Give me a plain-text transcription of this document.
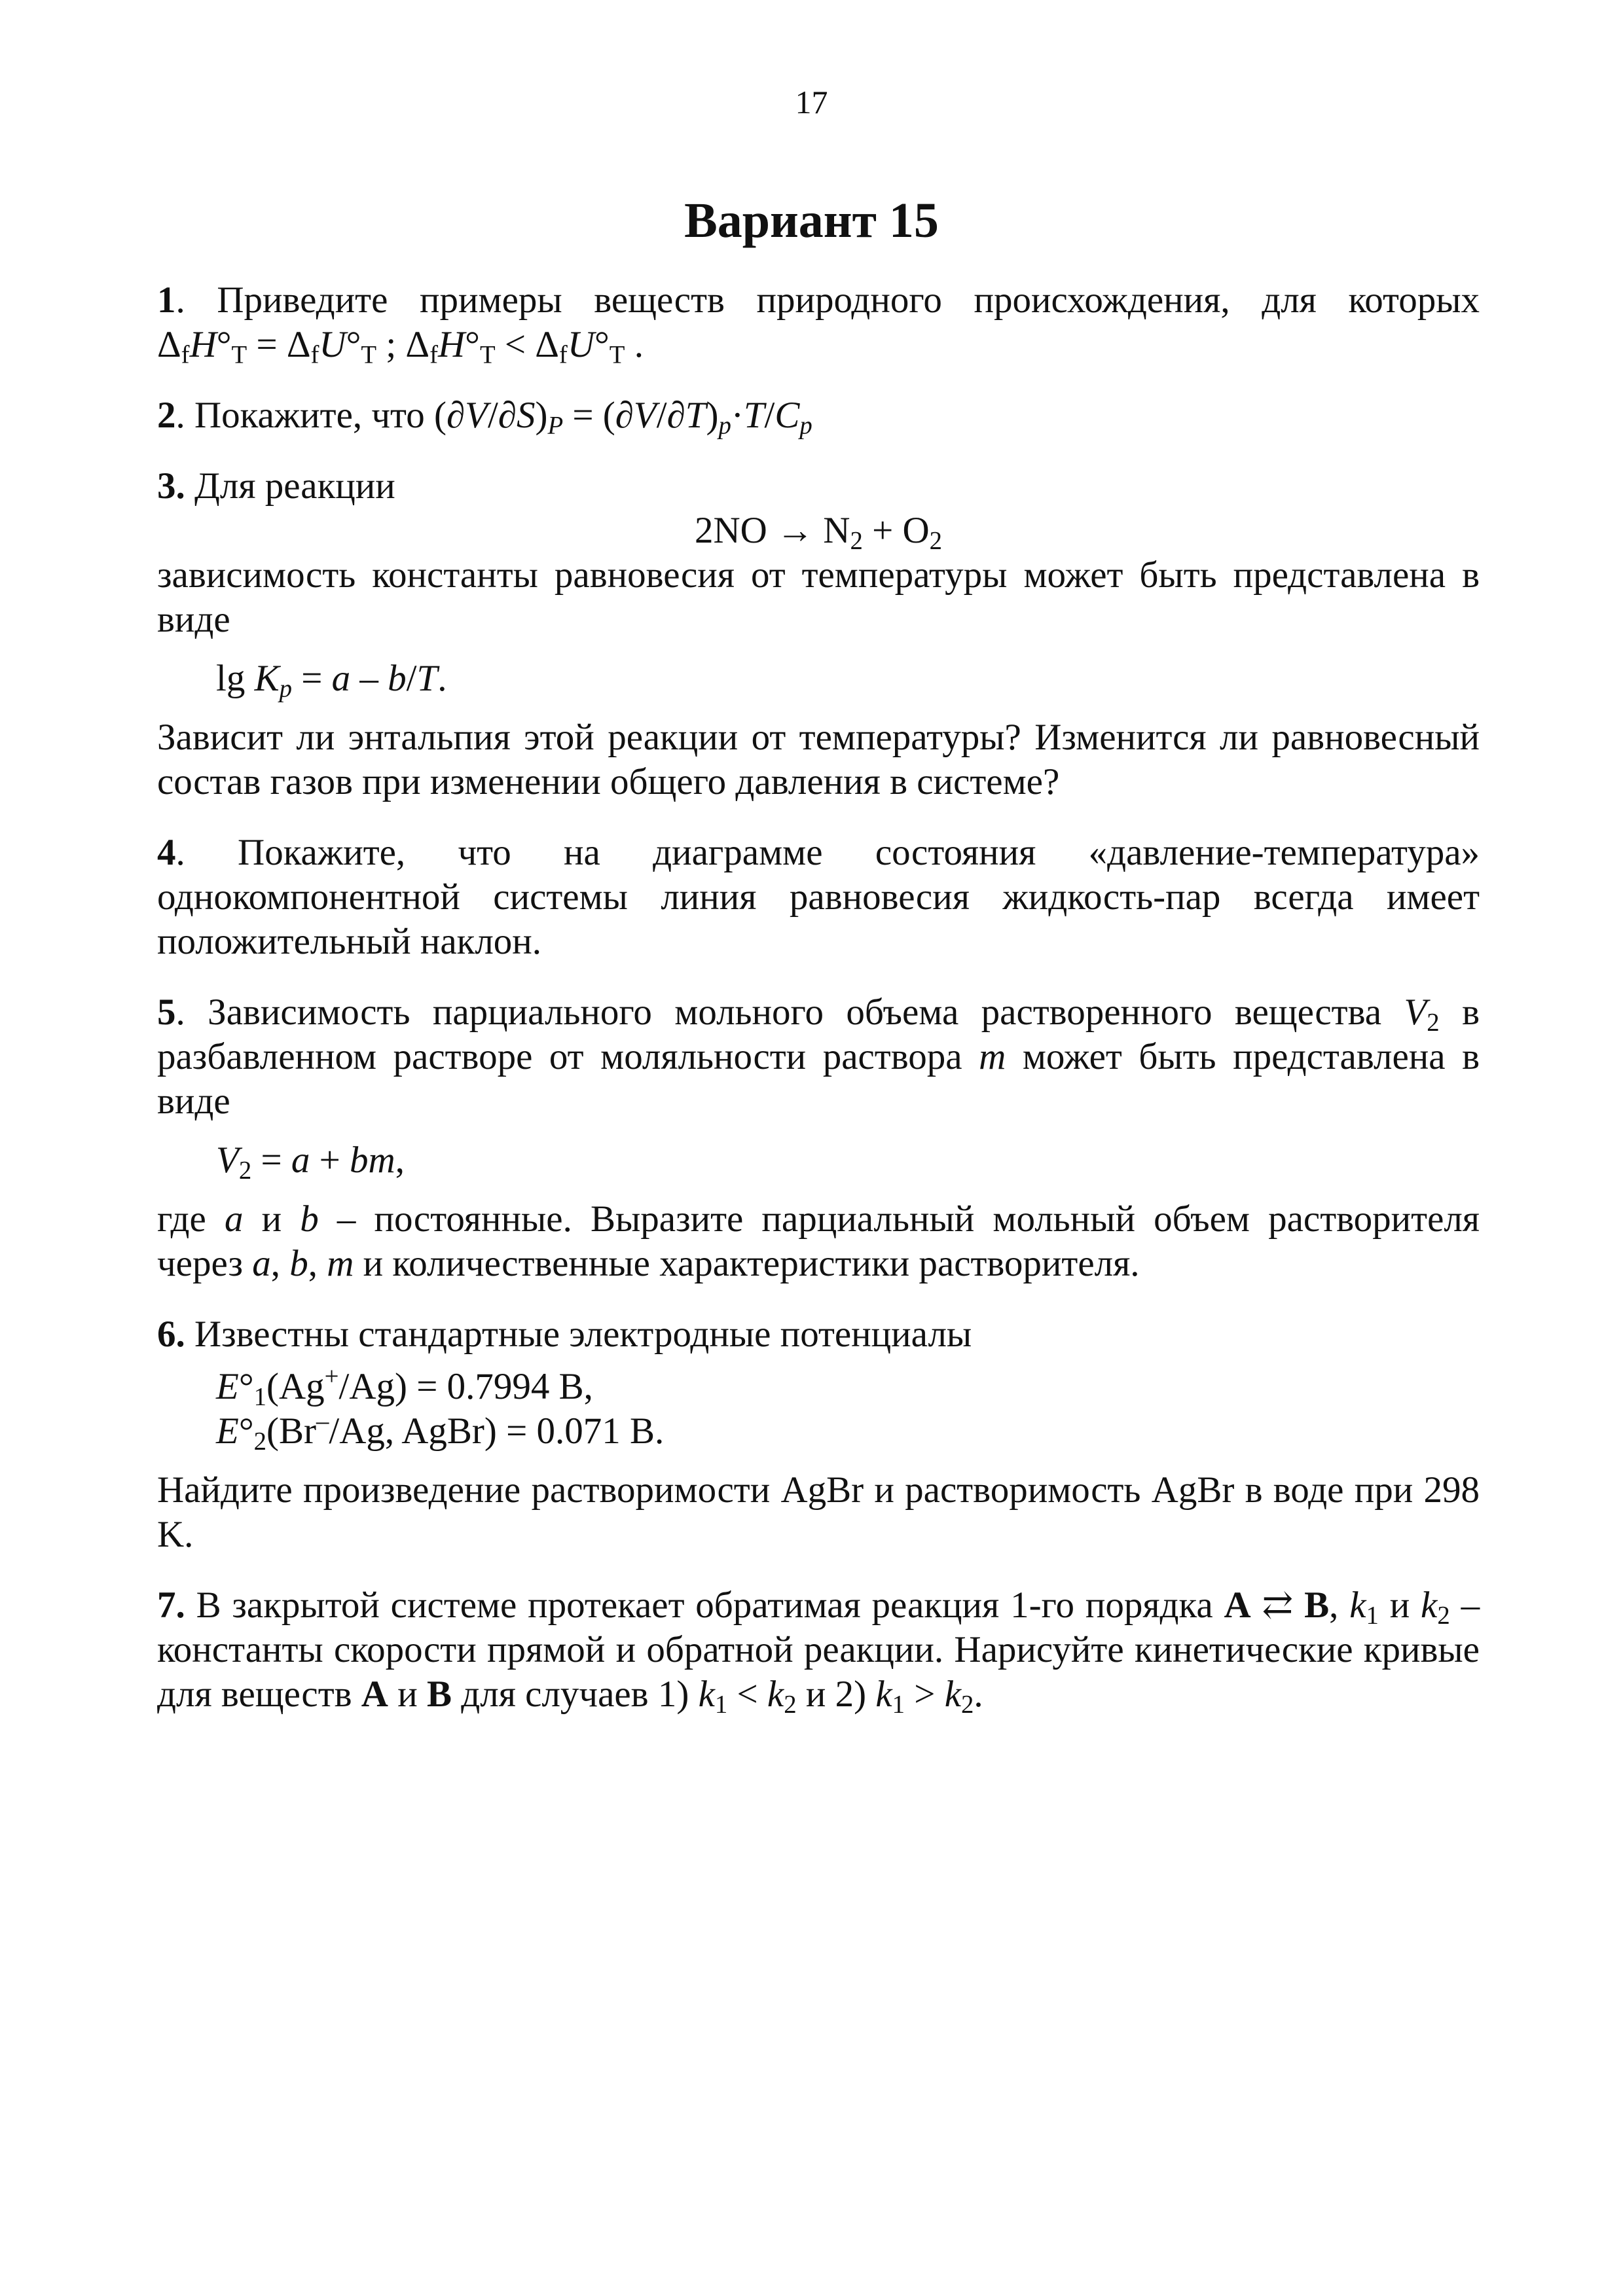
17
Вариант 15
1. Приведите примеры веществ природного происхождения, для которых $\Delta_fH^\circ_T = \Delta_fU^\circ_T$ ; $\Delta_fH^\circ_T < \Delta_fU^\circ_T$ .
2. Покажите, что $(\partial V/\partial S)_P = (\partial V/\partial T)_p\cdot T/C_p$
3. Для реакции
$2NO \to N_2 + O_2$
зависимость константы равновесия от температуры может быть представлена в виде
$\lg K_p = a - b/T$.
Зависит ли энтальпия этой реакции от температуры? Изменится ли равновесный состав газов при изменении общего давления в системе?
4. Покажите, что на диаграмме состояния «давление-температура» однокомпонентной системы линия равновесия жидкость-пар всегда имеет положительный наклон.
5. Зависимость парциального мольного объема растворенного вещества $V_2$ в разбавленном растворе от моляльности раствора m может быть представлена в виде
$V_2 = a$ + bm,
где a и b – постоянные. Выразите парциальный мольный объем растворителя через a, b, m и количественные характеристики растворителя.
6. Известны стандартные электродные потенциалы
$E^\circ_1(Ag^+/Ag) = 0.7994$ В,
$E^\circ_2(Br^-/Ag$, AgBr) = 0.071 В.
Найдите произведение растворимости AgBr и растворимость AgBr в воде при 298 K.
7. В закрытой системе протекает обратимая реакция 1-го порядка A ⇄ B, $k_1$ и $k_2$ – константы скорости прямой и обратной реакции. Нарисуйте кинетические кривые для веществ A и B для случаев 1) $k_1 < k_2$ и 2) $k_1 > k_2$.
